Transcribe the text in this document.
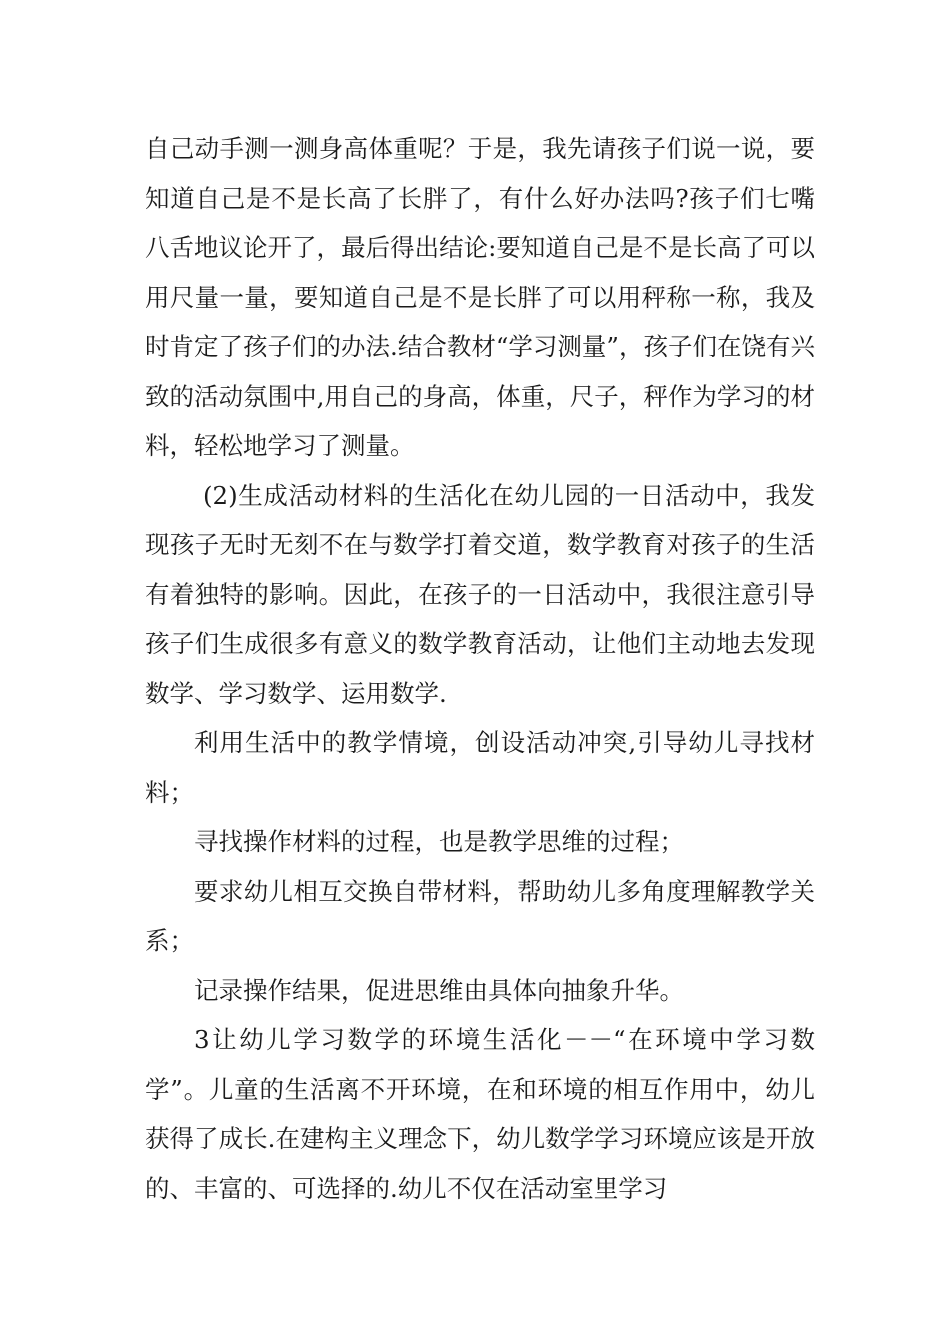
自己动手测一测身高体重呢？于是，我先请孩子们说一说，要知道自己是不是长高了长胖了，有什么好办法吗?孩子们七嘴八舌地议论开了，最后得出结论:要知道自己是不是长高了可以用尺量一量，要知道自己是不是长胖了可以用秤称一称，我及时肯定了孩子们的办法.结合教材“学习测量”，孩子们在饶有兴致的活动氛围中,用自己的身高，体重，尺子，秤作为学习的材料，轻松地学习了测量。

(2)生成活动材料的生活化在幼儿园的一日活动中，我发现孩子无时无刻不在与数学打着交道，数学教育对孩子的生活有着独特的影响。因此，在孩子的一日活动中，我很注意引导孩子们生成很多有意义的数学教育活动，让他们主动地去发现数学、学习数学、运用数学.

利用生活中的教学情境，创设活动冲突,引导幼儿寻找材料；

寻找操作材料的过程，也是教学思维的过程；

要求幼儿相互交换自带材料，帮助幼儿多角度理解教学关系；

记录操作结果，促进思维由具体向抽象升华。

3让幼儿学习数学的环境生活化－－“在环境中学习数学”。儿童的生活离不开环境，在和环境的相互作用中，幼儿获得了成长.在建构主义理念下，幼儿数学学习环境应该是开放的、丰富的、可选择的.幼儿不仅在活动室里学习
